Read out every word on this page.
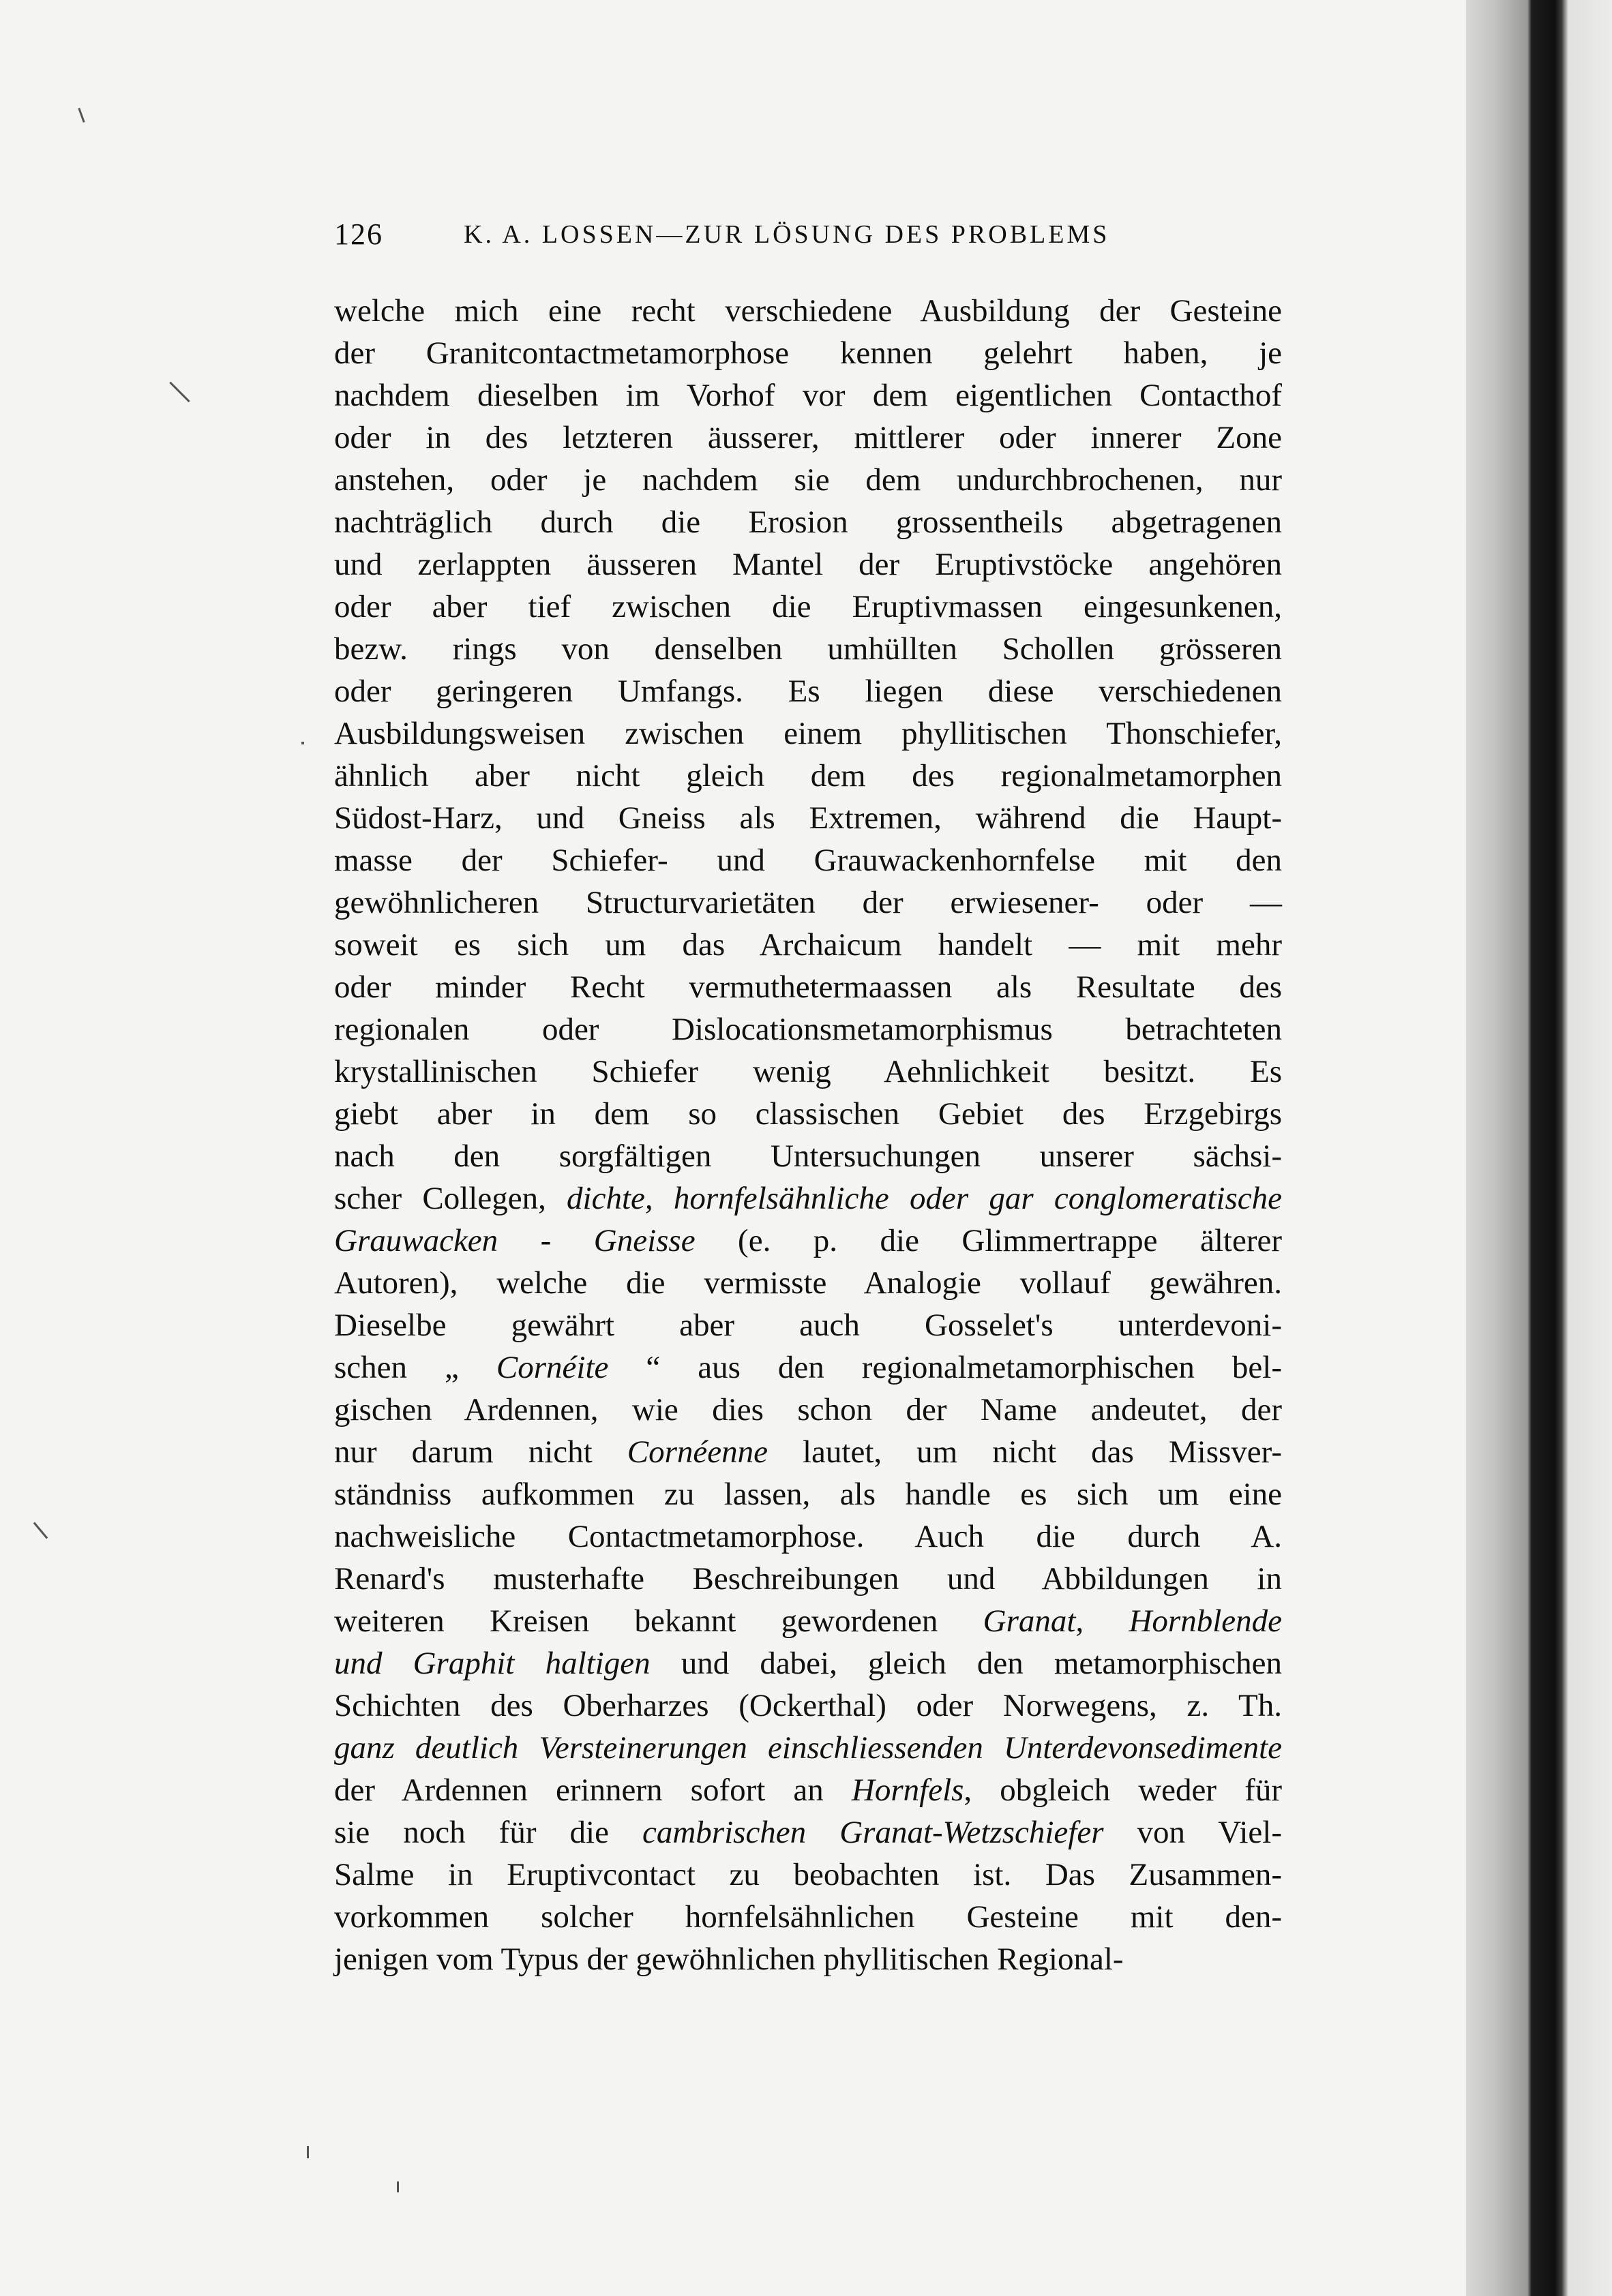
126	K. A. LOSSEN—ZUR LÖSUNG DES PROBLEMS
welche mich eine recht verschiedene Ausbildung der Gesteine
der Granitcontactmetamorphose kennen gelehrt haben, je
nachdem dieselben im Vorhof vor dem eigentlichen Contacthof
oder in des letzteren äusserer, mittlerer oder innerer Zone
anstehen, oder je nachdem sie dem undurchbrochenen, nur
nachträglich durch die Erosion grossentheils abgetragenen
und zerlappten äusseren Mantel der Eruptivstöcke angehören
oder aber tief zwischen die Eruptivmassen eingesunkenen,
bezw. rings von denselben umhüllten Schollen grösseren
oder geringeren Umfangs. Es liegen diese verschiedenen
Ausbildungsweisen zwischen einem phyllitischen Thonschiefer,
ähnlich aber nicht gleich dem des regionalmetamorphen
Südost-Harz, und Gneiss als Extremen, während die Haupt-
masse der Schiefer- und Grauwackenhornfelse mit den
gewöhnlicheren Structurvarietäten der erwiesener- oder —
soweit es sich um das Archaicum handelt — mit mehr
oder minder Recht vermuthetermaassen als Resultate des
regionalen oder Dislocationsmetamorphismus betrachteten
krystallinischen Schiefer wenig Aehnlichkeit besitzt. Es
giebt aber in dem so classischen Gebiet des Erzgebirgs
nach den sorgfältigen Untersuchungen unserer sächsi-
scher Collegen, dichte, hornfelsähnliche oder gar conglomeratische
Grauwacken - Gneisse (e. p. die Glimmertrappe älterer
Autoren), welche die vermisste Analogie vollauf gewähren.
Dieselbe gewährt aber auch Gosselet's unterdevoni-
schen „ Cornéite “ aus den regionalmetamorphischen bel-
gischen Ardennen, wie dies schon der Name andeutet, der
nur darum nicht Cornéenne lautet, um nicht das Missver-
ständniss aufkommen zu lassen, als handle es sich um eine
nachweisliche Contactmetamorphose. Auch die durch A.
Renard's musterhafte Beschreibungen und Abbildungen in
weiteren Kreisen bekannt gewordenen Granat, Hornblende
und Graphit haltigen und dabei, gleich den metamorphischen
Schichten des Oberharzes (Ockerthal) oder Norwegens, z. Th.
ganz deutlich Versteinerungen einschliessenden Unterdevonsedimente
der Ardennen erinnern sofort an Hornfels, obgleich weder für
sie noch für die cambrischen Granat-Wetzschiefer von Viel-
Salme in Eruptivcontact zu beobachten ist. Das Zusammen-
vorkommen solcher hornfelsähnlichen Gesteine mit den-
jenigen vom Typus der gewöhnlichen phyllitischen Regional-
